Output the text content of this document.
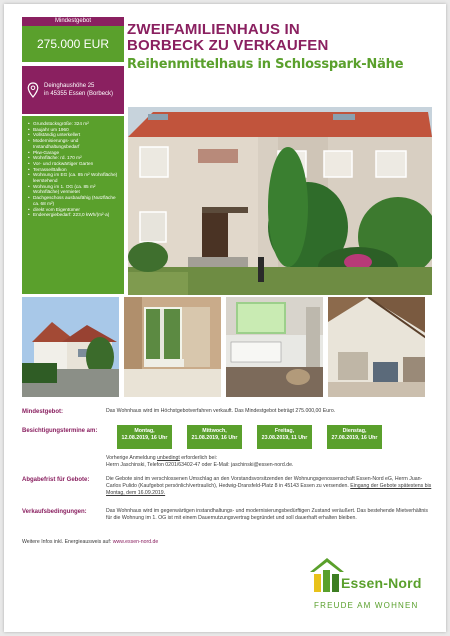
Mindestgebot
275.000 EUR
ZWEIFAMILIENHAUS IN
BORBECK ZU VERKAUFEN
Reihenmittelhaus in Schlosspark-Nähe
Deinghaushöhe 25
in 45355 Essen (Borbeck)
• Grundstücksgröße: 324 m²
• Baujahr um 1960
• Vollständig unterkellert
• Modernisierungs- und Instandhaltungsbedarf
• Pkw-Garage
• Wohnfläche: rd. 170 m²
• Vor- und rückwärtiger Garten
• Terrasse/Balkon
• Wohnung im EG (ca. 85 m² Wohnfläche) leerstehend
• Wohnung im 1. OG (ca. 85 m² Wohnfläche) vermietet
• Dachgeschoss ausbaufähig (Nutzfläche ca. 68 m²)
• direkt vom Eigentümer
• Endenergiebedarf: 223,0 kWh/(m²·a)
Mindestgebot:	Das Wohnhaus wird im Höchstgebotverfahren verkauft. Das Mindestgebot beträgt 275.000,00 Euro.
Besichtigungstermine am:	Montag,
12.08.2019, 16 Uhr
Mittwoch,
21.08.2019, 16 Uhr
Freitag,
23.08.2019, 11 Uhr
Dienstag,
27.08.2019, 16 Uhr
Vorherige Anmeldung unbedingt erforderlich bei:
Herrn Jaschinski, Telefon 0201/63402-47 oder E-Mail: jaschinski@essen-nord.de.
Abgabefrist für Gebote:	Die Gebote sind im verschlossenen Umschlag an den Vorstandsvorsitzenden der Wohnungsgenossenschaft Essen-Nord eG, Herrn Juan-Carlos Pulido (Kaufgebot persönlich/vertraulich), Hedwig-Dransfeld-Platz 8 in 45143 Essen zu versenden. Eingang der Gebote spätestens bis Montag, dem 16.09.2019.
Verkaufsbedingungen:	Das Wohnhaus wird im gegenwärtigen instandhaltungs- und modernisierungsbedürftigen Zustand veräußert. Das bestehende Mietverhältnis für die Wohnung im 1. OG ist mit einem Dauernutzungsvertrag begründet und soll dauerhaft erhalten bleiben.
Weitere Infos inkl. Energieausweis auf: www.essen-nord.de
Essen-Nord
FREUDE AM WOHNEN
